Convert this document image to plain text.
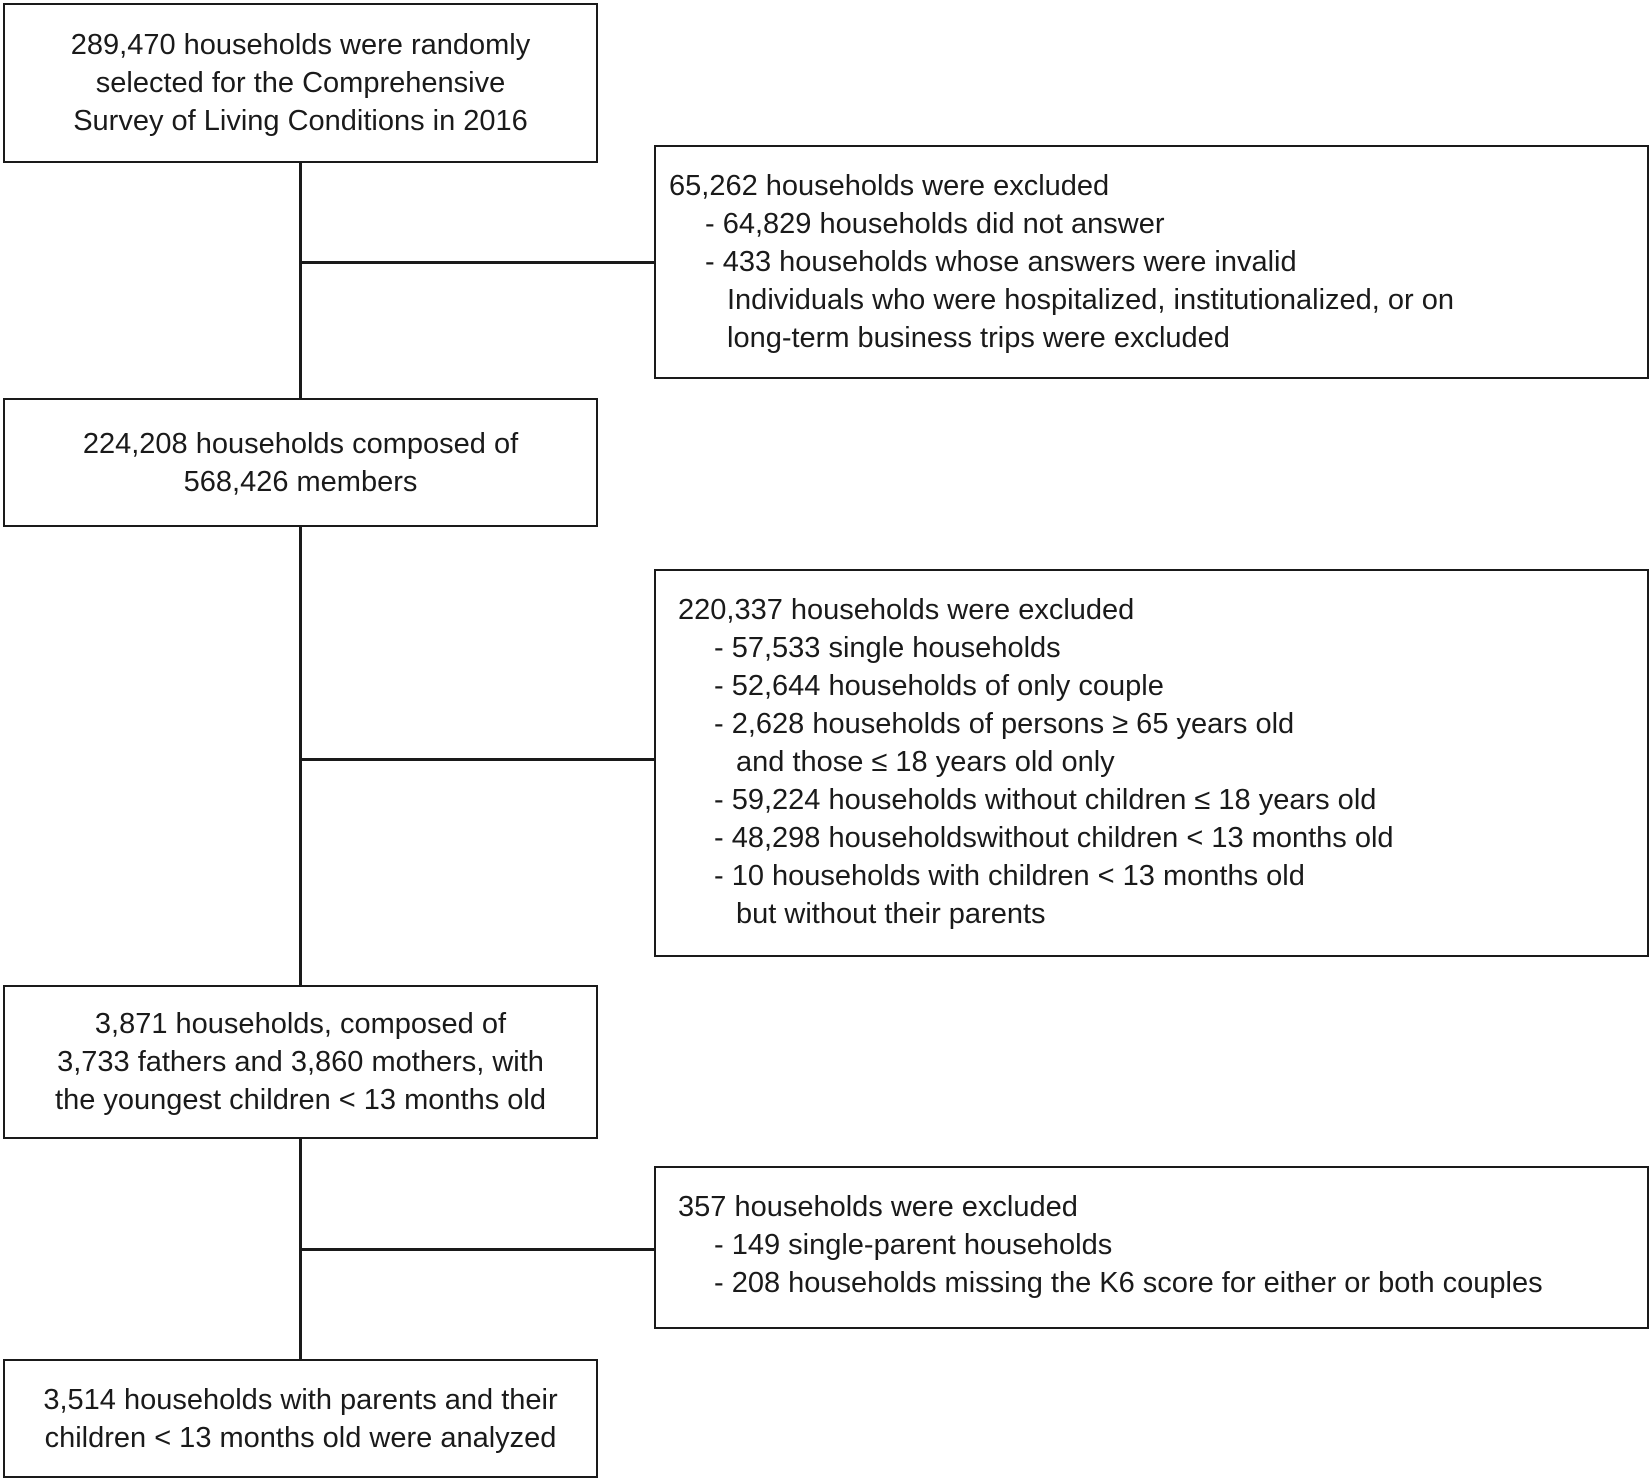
289,470 households were randomly
selected for the Comprehensive
Survey of Living Conditions in 2016
65,262 households were excluded
- 64,829 households did not answer
- 433 households whose answers were invalid
Individuals who were hospitalized, institutionalized, or on
long-term business trips were excluded
224,208 households composed of
568,426 members
220,337 households were excluded
- 57,533 single households
- 52,644 households of only couple
- 2,628 households of persons ≥ 65 years old
and those ≤ 18 years old only
- 59,224 households without children ≤ 18 years old
- 48,298 householdswithout children < 13 months old
- 10 households with children < 13 months old
but without their parents
3,871 households, composed of
3,733 fathers and 3,860 mothers, with
the youngest children < 13 months old
357 households were excluded
- 149 single-parent households
- 208 households missing the K6 score for either or both couples
3,514 households with parents and their
children < 13 months old were analyzed
